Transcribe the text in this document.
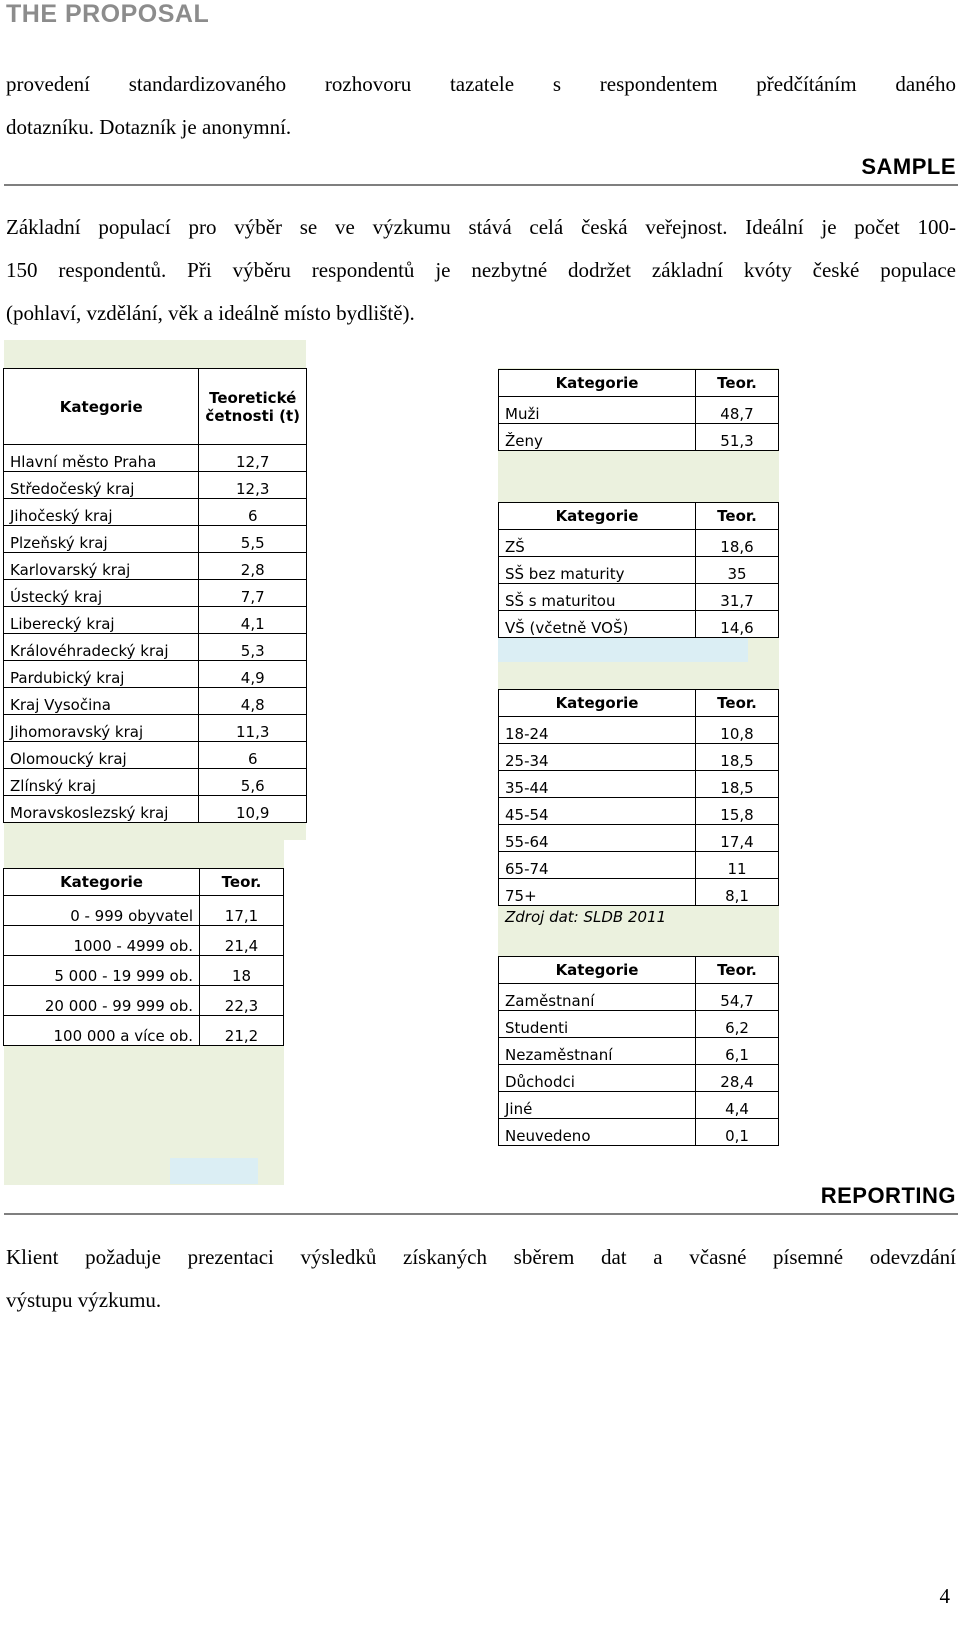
THE PROPOSAL
provedení standardizovaného rozhovoru tazatele s respondentem předčítáním daného
dotazníku. Dotazník je anonymní.
SAMPLE
Základní populací pro výběr se ve výzkumu stává celá česká veřejnost. Ideální je počet 100-
150 respondentů. Při výběru respondentů je nezbytné dodržet základní kvóty české populace
(pohlaví, vzdělání, věk a ideálně místo bydliště).
Kategorie	Teoretické
četnosti (t)

Hlavní město Praha	12,7
Středočeský kraj	12,3
Jihočeský kraj	6
Plzeňský kraj	5,5
Karlovarský kraj	2,8
Ústecký kraj	7,7
Liberecký kraj	4,1
Královéhradecký kraj	5,3
Pardubický kraj	4,9
Kraj Vysočina	4,8
Jihomoravský kraj	11,3
Olomoucký kraj	6
Zlínský kraj	5,6
Moravskoslezský kraj	10,9
Kategorie	Teor.
0 - 999 obyvatel	17,1
1000 - 4999 ob.	21,4
5 000 - 19 999 ob.	18
20 000 - 99 999 ob.	22,3
100 000 a více ob.	21,2
Kategorie	Teor.
Muži	48,7
Ženy	51,3
Kategorie	Teor.
ZŠ	18,6
SŠ bez maturity	35
SŠ s maturitou	31,7
VŠ (včetně VOŠ)	14,6
Kategorie	Teor.
18-24	10,8
25-34	18,5
35-44	18,5
45-54	15,8
55-64	17,4
65-74	11
75+	8,1
Zdroj dat: SLDB 2011
Kategorie	Teor.
Zaměstnaní	54,7
Studenti	6,2
Nezaměstnaní	6,1
Důchodci	28,4
Jiné	4,4
Neuvedeno	0,1
REPORTING
Klient požaduje prezentaci výsledků získaných sběrem dat a včasné písemné odevzdání
výstupu výzkumu.
4
